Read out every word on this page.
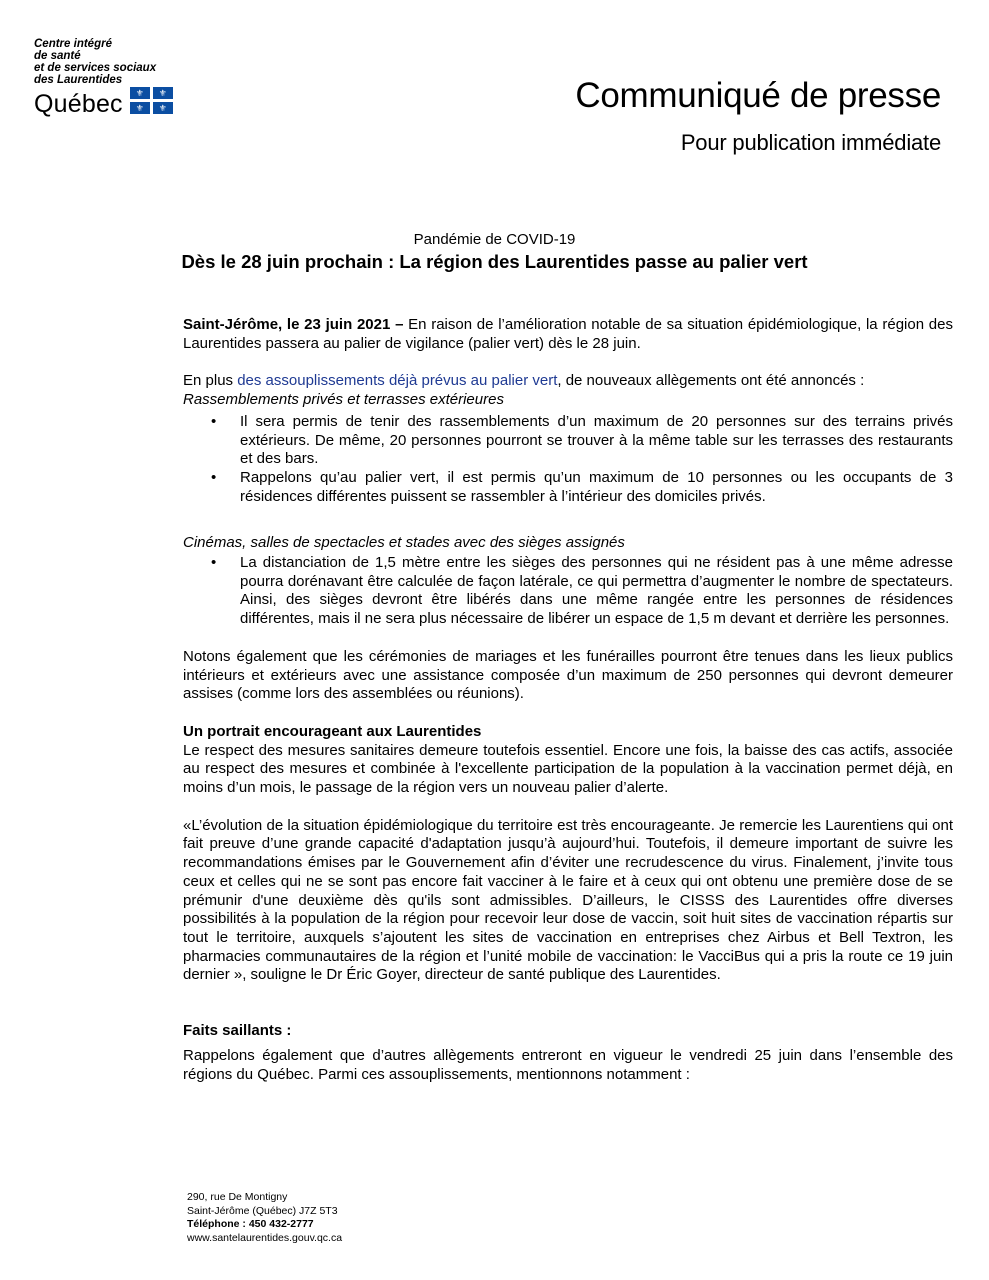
Centre intégré
de santé
et de services sociaux
des Laurentides
Québec	⚜	⚜
⚜	⚜	Communiqué de presse
Pour publication immédiate
Pandémie de COVID-19
Dès le 28 juin prochain : La région des Laurentides passe au palier vert

Saint-Jérôme, le 23 juin 2021 – En raison de l’amélioration notable de sa situation épidémiologique, la région des Laurentides passera au palier de vigilance (palier vert) dès le 28 juin.

En plus des assouplissements déjà prévus au palier vert, de nouveaux allègements ont été annoncés :

Rassemblements privés et terrasses extérieures

• Il sera permis de tenir des rassemblements d’un maximum de 20 personnes sur des terrains privés extérieurs. De même, 20 personnes pourront se trouver à la même table sur les terrasses des restaurants et des bars.
• Rappelons qu’au palier vert, il est permis qu’un maximum de 10 personnes ou les occupants de 3 résidences différentes puissent se rassembler à l’intérieur des domiciles privés.

Cinémas, salles de spectacles et stades avec des sièges assignés

• La distanciation de 1,5 mètre entre les sièges des personnes qui ne résident pas à une même adresse pourra dorénavant être calculée de façon latérale, ce qui permettra d’augmenter le nombre de spectateurs. Ainsi, des sièges devront être libérés dans une même rangée entre les personnes de résidences différentes, mais il ne sera plus nécessaire de libérer un espace de 1,5 m devant et derrière les personnes.

Notons également que les cérémonies de mariages et les funérailles pourront être tenues dans les lieux publics intérieurs et extérieurs avec une assistance composée d’un maximum de 250 personnes qui devront demeurer assises (comme lors des assemblées ou réunions).

Un portrait encourageant aux Laurentides

Le respect des mesures sanitaires demeure toutefois essentiel. Encore une fois, la baisse des cas actifs, associée au respect des mesures et combinée à l'excellente participation de la population à la vaccination permet déjà, en moins d’un mois, le passage de la région vers un nouveau palier d’alerte.

«L’évolution de la situation épidémiologique du territoire est très encourageante. Je remercie les Laurentiens qui ont fait preuve d’une grande capacité d'adaptation jusqu’à aujourd’hui. Toutefois, il demeure important de suivre les recommandations émises par le Gouvernement afin d’éviter une recrudescence du virus. Finalement, j’invite tous ceux et celles qui ne se sont pas encore fait vacciner à le faire et à ceux qui ont obtenu une première dose de se prémunir d'une deuxième dès qu'ils sont admissibles. D’ailleurs, le CISSS des Laurentides offre diverses possibilités à la population de la région pour recevoir leur dose de vaccin, soit huit sites de vaccination répartis sur tout le territoire, auxquels s’ajoutent les sites de vaccination en entreprises chez Airbus et Bell Textron, les pharmacies communautaires de la région et l’unité mobile de vaccination: le VacciBus qui a pris la route ce 19 juin dernier », souligne le Dr Éric Goyer, directeur de santé publique des Laurentides.

Faits saillants :

Rappelons également que d’autres allègements entreront en vigueur le vendredi 25 juin dans l’ensemble des régions du Québec. Parmi ces assouplissements, mentionnons notamment :

290, rue De Montigny
Saint-Jérôme (Québec) J7Z 5T3
Téléphone : 450 432-2777
www.santelaurentides.gouv.qc.ca
